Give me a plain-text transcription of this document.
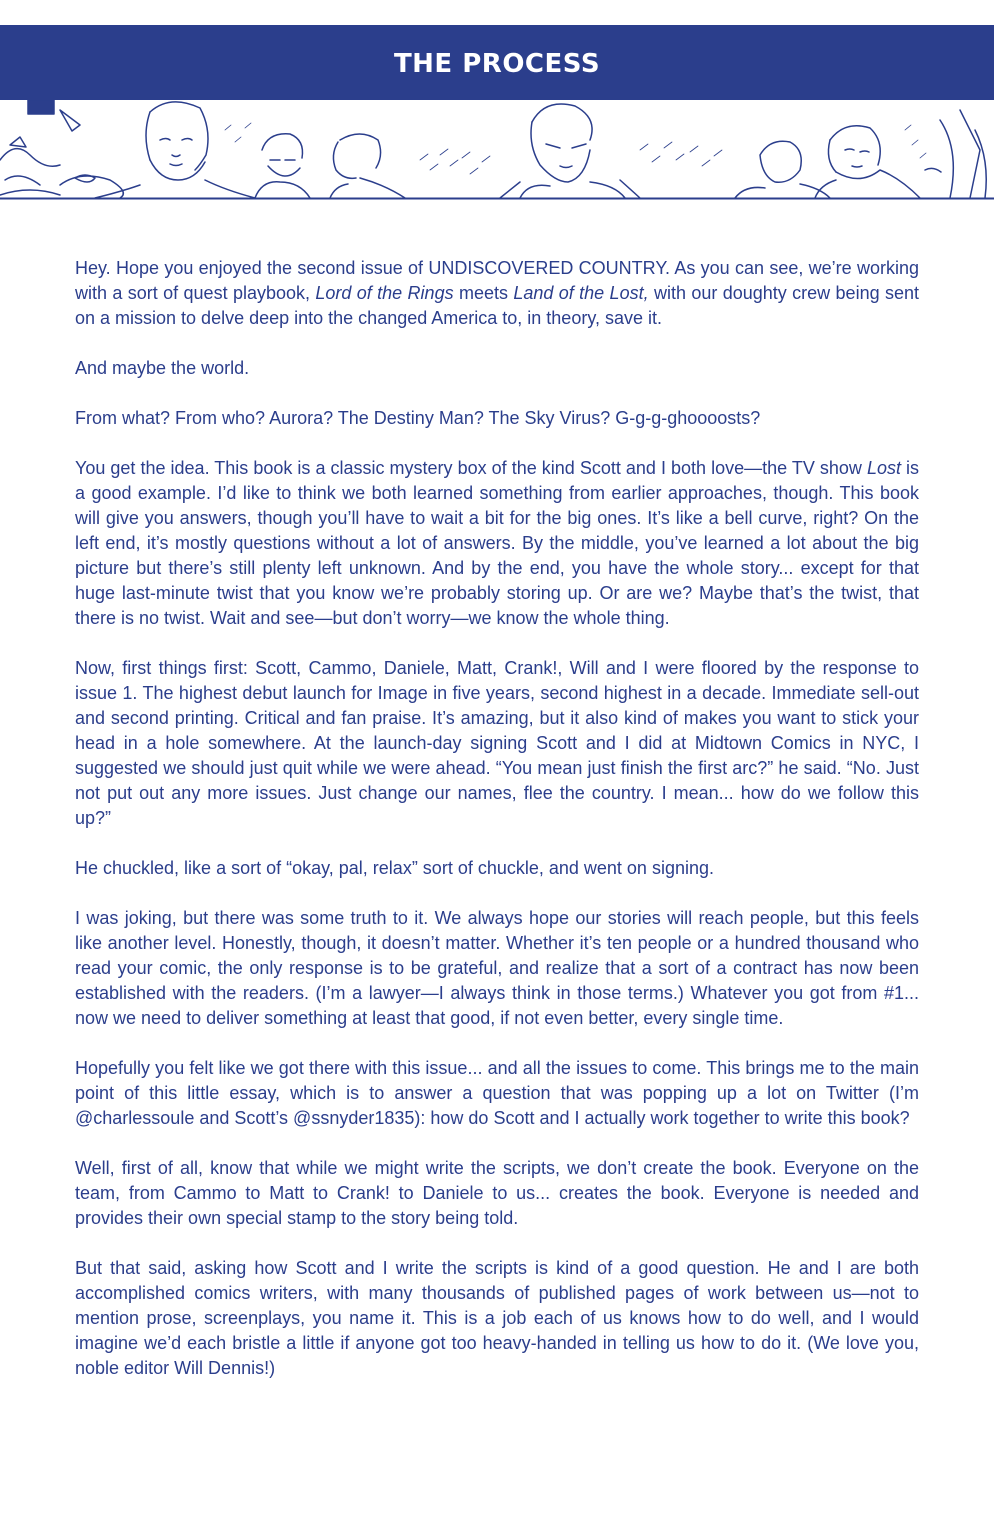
THE PROCESS

Hey. Hope you enjoyed the second issue of UNDISCOVERED COUNTRY. As you can see, we’re working with a sort of quest playbook, Lord of the Rings meets Land of the Lost, with our doughty crew being sent on a mission to delve deep into the changed America to, in theory, save it.

And maybe the world.

From what? From who? Aurora? The Destiny Man? The Sky Virus? G-g-g-ghoooosts?

You get the idea. This book is a classic mystery box of the kind Scott and I both love—the TV show Lost is a good example. I’d like to think we both learned something from earlier approaches, though. This book will give you answers, though you’ll have to wait a bit for the big ones. It’s like a bell curve, right? On the left end, it’s mostly questions without a lot of answers. By the middle, you’ve learned a lot about the big picture but there’s still plenty left unknown. And by the end, you have the whole story... except for that huge last-minute twist that you know we’re probably storing up. Or are we? Maybe that’s the twist, that there is no twist. Wait and see—but don’t worry—we know the whole thing.

Now, first things first: Scott, Cammo, Daniele, Matt, Crank!, Will and I were floored by the response to issue 1. The highest debut launch for Image in five years, second highest in a decade. Immediate sell-out and second printing. Critical and fan praise. It’s amazing, but it also kind of makes you want to stick your head in a hole somewhere. At the launch-day signing Scott and I did at Midtown Comics in NYC, I suggested we should just quit while we were ahead. “You mean just finish the first arc?” he said. “No. Just not put out any more issues. Just change our names, flee the country. I mean... how do we follow this up?”

He chuckled, like a sort of “okay, pal, relax” sort of chuckle, and went on signing.

I was joking, but there was some truth to it. We always hope our stories will reach people, but this feels like another level. Honestly, though, it doesn’t matter. Whether it’s ten people or a hundred thousand who read your comic, the only response is to be grateful, and realize that a sort of a contract has now been established with the readers. (I’m a lawyer—I always think in those terms.) Whatever you got from #1... now we need to deliver something at least that good, if not even better, every single time.

Hopefully you felt like we got there with this issue... and all the issues to come. This brings me to the main point of this little essay, which is to answer a question that was popping up a lot on Twitter (I’m @charlessoule and Scott’s @ssnyder1835): how do Scott and I actually work together to write this book?

Well, first of all, know that while we might write the scripts, we don’t create the book. Everyone on the team, from Cammo to Matt to Crank! to Daniele to us... creates the book. Everyone is needed and provides their own special stamp to the story being told.

But that said, asking how Scott and I write the scripts is kind of a good question. He and I are both accomplished comics writers, with many thousands of published pages of work between us—not to mention prose, screenplays, you name it. This is a job each of us knows how to do well, and I would imagine we’d each bristle a little if anyone got too heavy-handed in telling us how to do it. (We love you, noble editor Will Dennis!)
